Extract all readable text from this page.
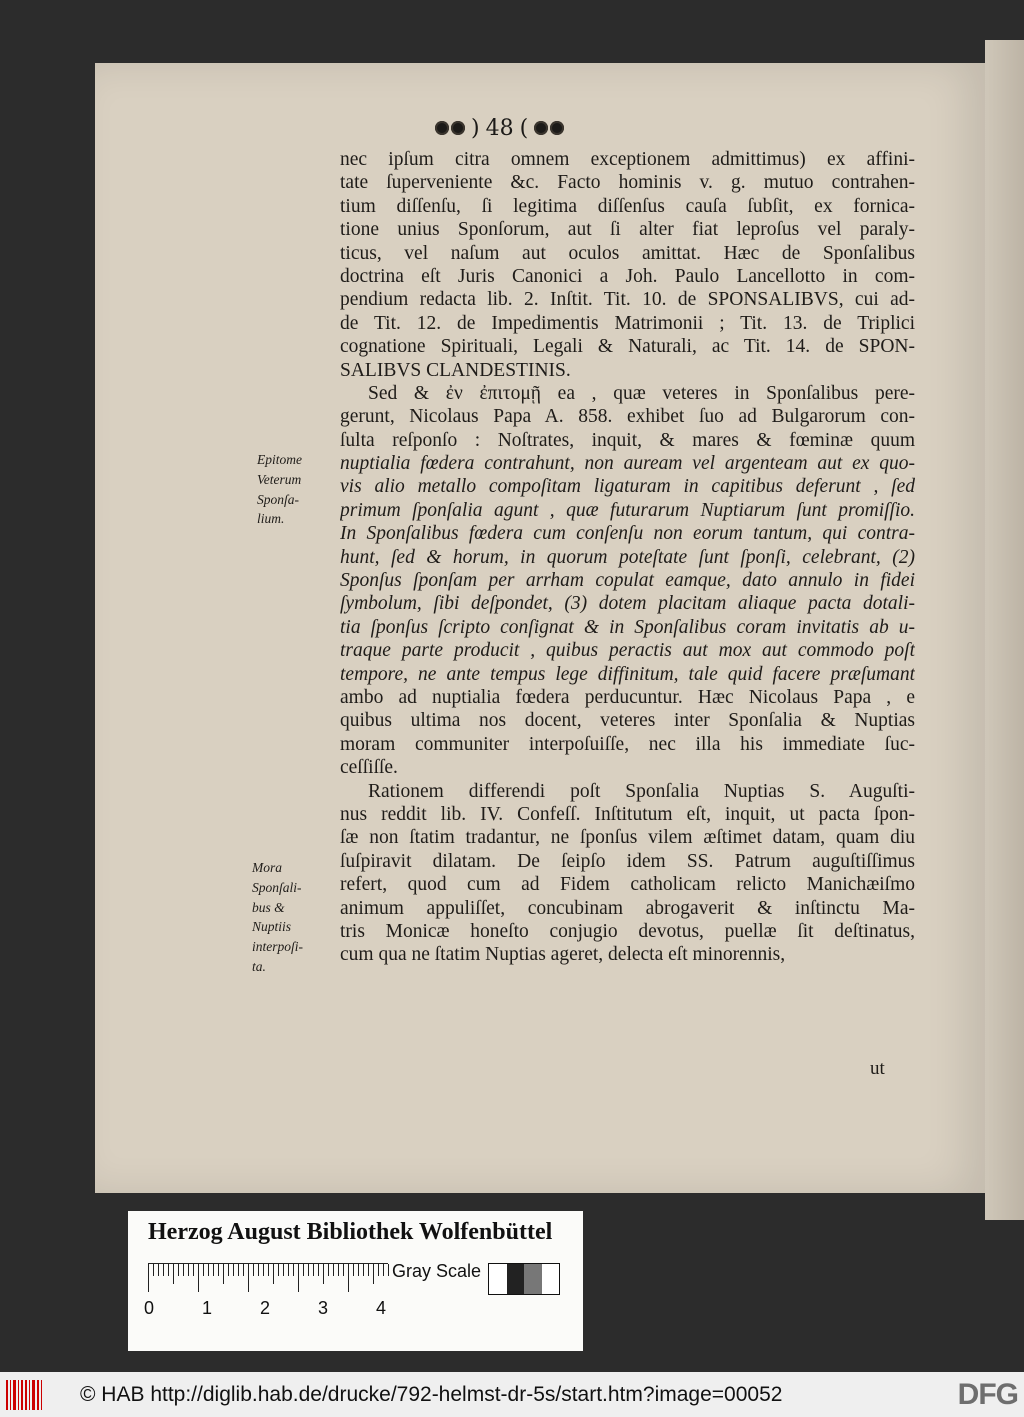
) 48 (
nec ipſum citra omnem exceptionem admittimus) ex affini-
tate ſuperveniente &c. Facto hominis v. g. mutuo contrahen-
tium diſſenſu, ſi legitima diſſenſus cauſa ſubſit, ex fornica-
tione unius Sponſorum, aut ſi alter fiat leproſus vel paraly-
ticus, vel naſum aut oculos amittat. Hæc de Sponſalibus
doctrina eſt Juris Canonici a Joh. Paulo Lancellotto in com-
pendium redacta lib. 2. Inſtit. Tit. 10. de SPONSALIBVS, cui ad-
de Tit. 12. de Impedimentis Matrimonii ; Tit. 13. de Triplici
cognatione Spirituali, Legali & Naturali, ac Tit. 14. de SPON-
SALIBVS CLANDESTINIS.
Sed & ἐν ἐπιτομῇ ea , quæ veteres in Sponſalibus pere-
gerunt, Nicolaus Papa A. 858. exhibet ſuo ad Bulgarorum con-
ſulta reſponſo : Noſtrates, inquit, & mares & fœminæ quum
nuptialia fœdera contrahunt, non auream vel argenteam aut ex quo-
vis alio metallo compoſitam ligaturam in capitibus deferunt , ſed
primum ſponſalia agunt , quæ futurarum Nuptiarum ſunt promiſſio.
In Sponſalibus fœdera cum conſenſu non eorum tantum, qui contra-
hunt, ſed & horum, in quorum poteſtate ſunt ſponſi, celebrant, (2)
Sponſus ſponſam per arrham copulat eamque, dato annulo in fidei
ſymbolum, ſibi deſpondet, (3) dotem placitam aliaque pacta dotali-
tia ſponſus ſcripto conſignat & in Sponſalibus coram invitatis ab u-
traque parte producit , quibus peractis aut mox aut commodo poſt
tempore, ne ante tempus lege diffinitum, tale quid facere præſumant
ambo ad nuptialia fœdera perducuntur. Hæc Nicolaus Papa , e
quibus ultima nos docent, veteres inter Sponſalia & Nuptias
moram communiter interpoſuiſſe, nec illa his immediate ſuc-
ceſſiſſe.
Rationem differendi poſt Sponſalia Nuptias S. Auguſti-
nus reddit lib. IV. Confeſſ. Inſtitutum eſt, inquit, ut pacta ſpon-
ſæ non ſtatim tradantur, ne ſponſus vilem æſtimet datam, quam diu
ſuſpiravit dilatam. De ſeipſo idem SS. Patrum auguſtiſſimus
refert, quod cum ad Fidem catholicam relicto Manichæiſmo
animum appuliſſet, concubinam abrogaverit & inſtinctu Ma-
tris Monicæ honeſto conjugio devotus, puellæ ſit deſtinatus,
cum qua ne ſtatim Nuptias ageret, delecta eſt minorennis,
Epitome
Veterum
Sponſa-
lium.
Mora
Sponſali-
bus &
Nuptiis
interpoſi-
ta.
ut
Herzog August Bibliothek Wolfenbüttel
Gray Scale
0	1	2	3	4
© HAB http://diglib.hab.de/drucke/792-helmst-dr-5s/start.htm?image=00052	DFG
